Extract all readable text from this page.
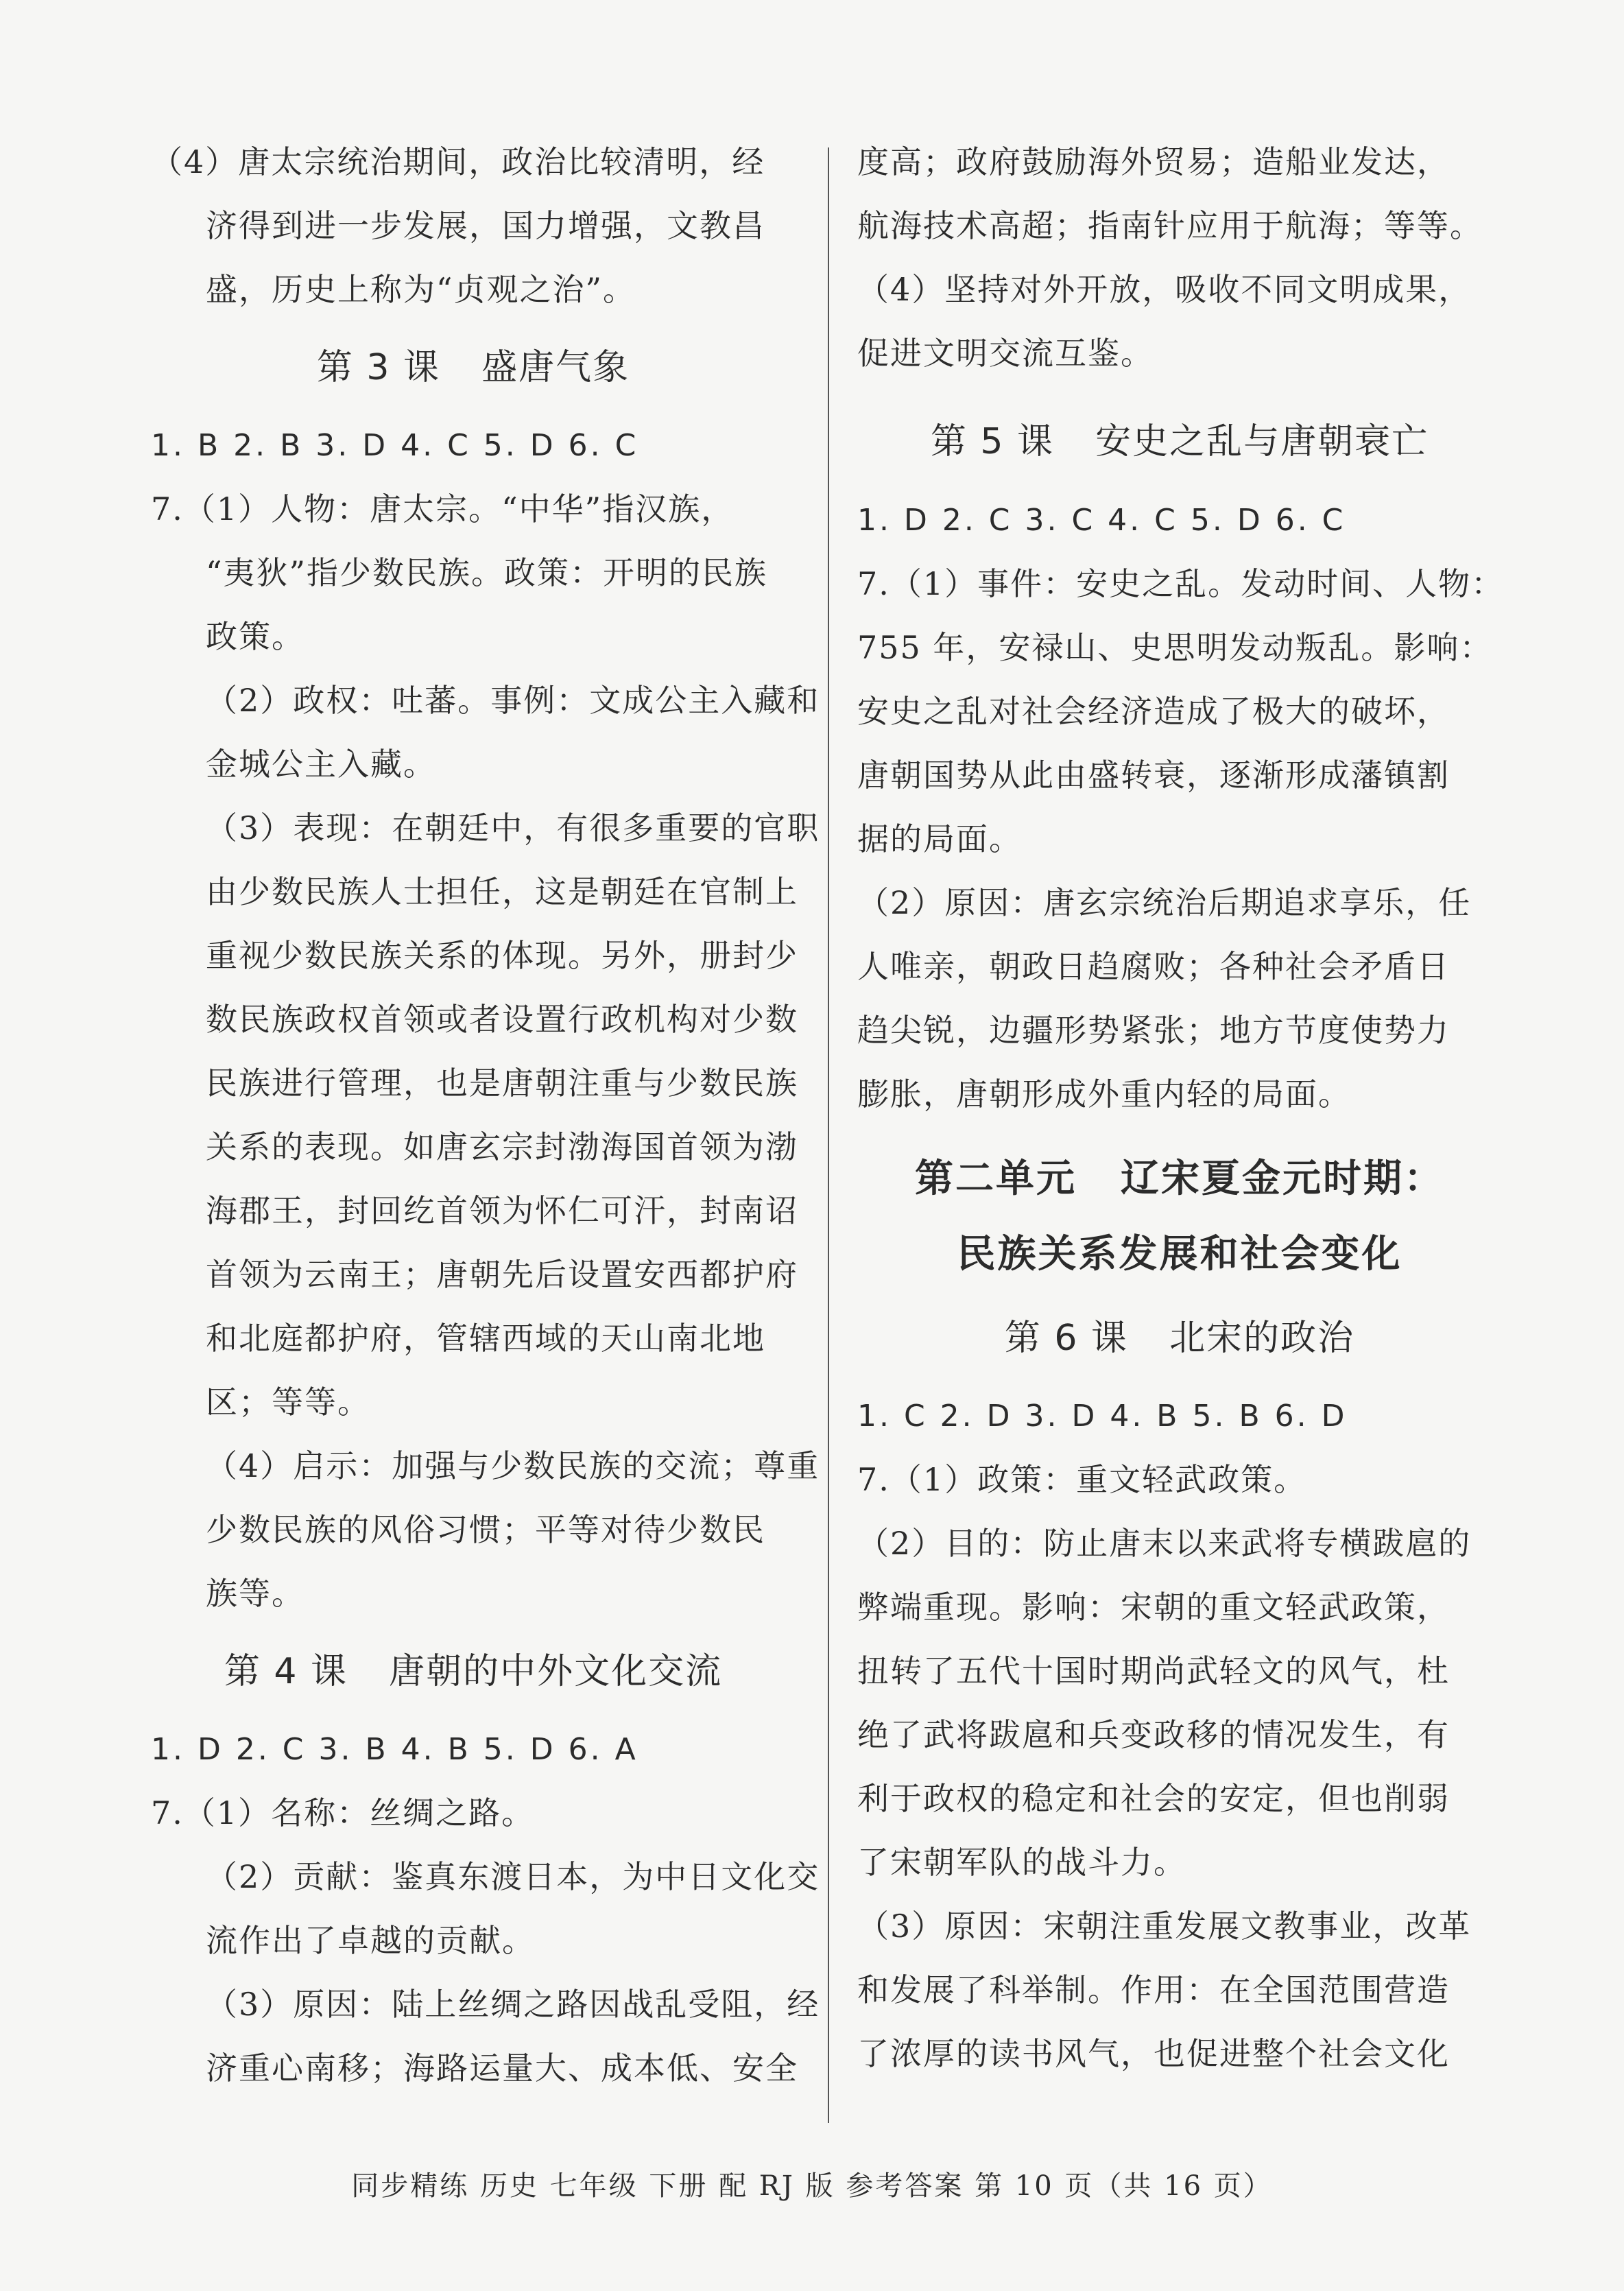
（4）唐太宗统治期间，政治比较清明，经
济得到进一步发展，国力增强，文教昌
盛，历史上称为“贞观之治”。
第 3 课 盛唐气象
1. B 2. B 3. D 4. C 5. D 6. C
7.（1）人物：唐太宗。“中华”指汉族，
“夷狄”指少数民族。政策：开明的民族
政策。
（2）政权：吐蕃。事例：文成公主入藏和
金城公主入藏。
（3）表现：在朝廷中，有很多重要的官职
由少数民族人士担任，这是朝廷在官制上
重视少数民族关系的体现。另外，册封少
数民族政权首领或者设置行政机构对少数
民族进行管理，也是唐朝注重与少数民族
关系的表现。如唐玄宗封渤海国首领为渤
海郡王，封回纥首领为怀仁可汗，封南诏
首领为云南王；唐朝先后设置安西都护府
和北庭都护府，管辖西域的天山南北地
区；等等。
（4）启示：加强与少数民族的交流；尊重
少数民族的风俗习惯；平等对待少数民
族等。
第 4 课 唐朝的中外文化交流
1. D 2. C 3. B 4. B 5. D 6. A
7.（1）名称：丝绸之路。
（2）贡献：鉴真东渡日本，为中日文化交
流作出了卓越的贡献。
（3）原因：陆上丝绸之路因战乱受阻，经
济重心南移；海路运量大、成本低、安全
度高；政府鼓励海外贸易；造船业发达，
航海技术高超；指南针应用于航海；等等。
（4）坚持对外开放，吸收不同文明成果，
促进文明交流互鉴。
第 5 课 安史之乱与唐朝衰亡
1. D 2. C 3. C 4. C 5. D 6. C
7.（1）事件：安史之乱。发动时间、人物：
755 年，安禄山、史思明发动叛乱。影响：
安史之乱对社会经济造成了极大的破坏，
唐朝国势从此由盛转衰，逐渐形成藩镇割
据的局面。
（2）原因：唐玄宗统治后期追求享乐，任
人唯亲，朝政日趋腐败；各种社会矛盾日
趋尖锐，边疆形势紧张；地方节度使势力
膨胀，唐朝形成外重内轻的局面。
第二单元 辽宋夏金元时期：
民族关系发展和社会变化
第 6 课 北宋的政治
1. C 2. D 3. D 4. B 5. B 6. D
7.（1）政策：重文轻武政策。
（2）目的：防止唐末以来武将专横跋扈的
弊端重现。影响：宋朝的重文轻武政策，
扭转了五代十国时期尚武轻文的风气，杜
绝了武将跋扈和兵变政移的情况发生，有
利于政权的稳定和社会的安定，但也削弱
了宋朝军队的战斗力。
（3）原因：宋朝注重发展文教事业，改革
和发展了科举制。作用：在全国范围营造
了浓厚的读书风气，也促进整个社会文化
同步精练 历史 七年级 下册 配 RJ 版 参考答案 第 10 页（共 16 页）
